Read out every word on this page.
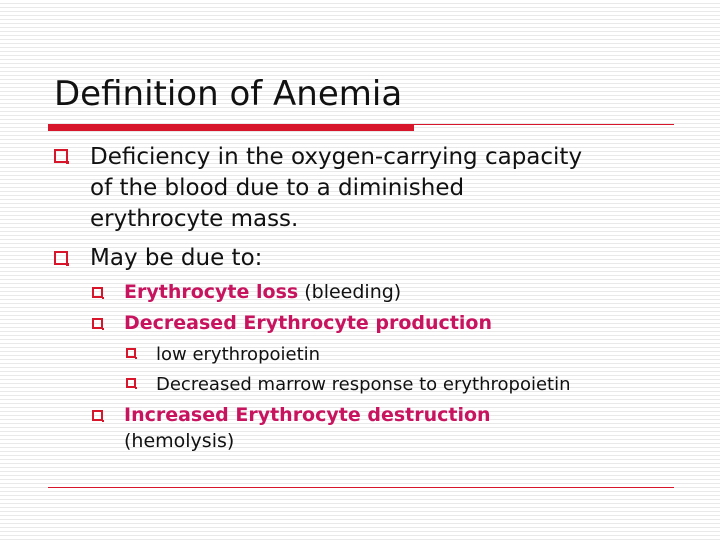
Definition of Anemia
Deficiency in the oxygen-carrying capacity
of the blood due to a diminished
erythrocyte mass.
May be due to:
Erythrocyte loss (bleeding)
Decreased Erythrocyte production
low erythropoietin
Decreased marrow response to erythropoietin
Increased Erythrocyte destruction
(hemolysis)
